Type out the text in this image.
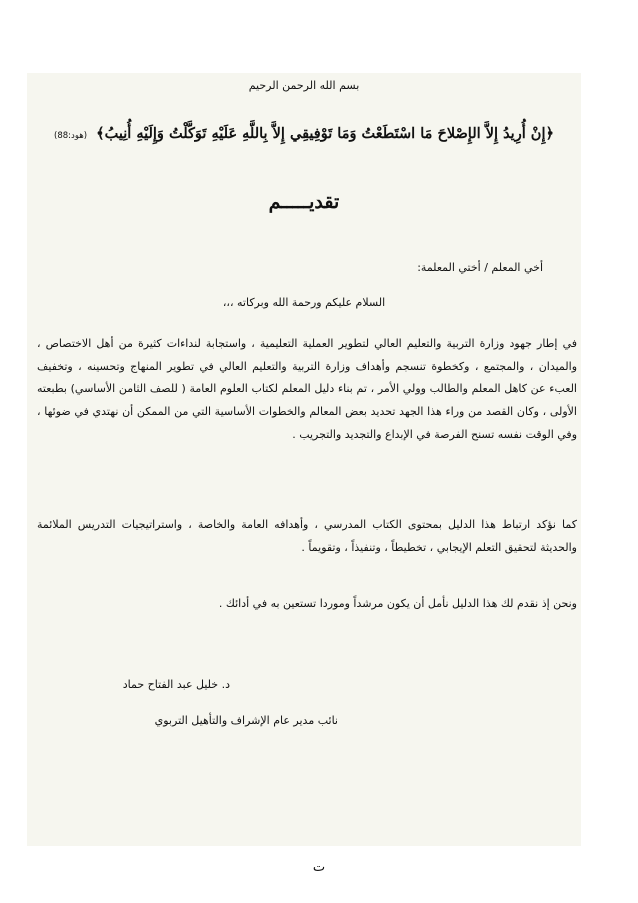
بسم الله الرحمن الرحيم
﴿إِنْ أُرِيدُ إِلاَّ الإِصْلاحَ مَا اسْتَطَعْتُ وَمَا تَوْفِيقِي إِلاَّ بِاللَّهِ عَلَيْهِ تَوَكَّلْتُ وَإِلَيْهِ أُنِيبُ﴾ (هود:88)
تقديـــــم
أخي المعلم / أختي المعلمة:
السلام عليكم ورحمة الله وبركاته ،،،
في إطار جهود وزارة التربية والتعليم العالي لتطوير العملية التعليمية ، واستجابة لنداءات كثيرة من أهل الاختصاص ، والميدان ، والمجتمع ، وكخطوة تنسجم وأهداف وزارة التربية والتعليم العالي في تطوير المنهاج وتحسينه ، وتخفيف العبء عن كاهل المعلم والطالب وولي الأمر ، تم بناء دليل المعلم لكتاب العلوم العامة ( للصف الثامن الأساسي) بطبعته الأولى ، وكان القصد من وراء هذا الجهد تحديد بعض المعالم والخطوات الأساسية التي من الممكن أن نهتدي في ضوئها ، وفي الوقت نفسه تسنح الفرصة في الإبداع والتجديد والتجريب .
كما نؤكد ارتباط هذا الدليل بمحتوى الكتاب المدرسي ، وأهدافه العامة والخاصة ، واستراتيجيات التدريس الملائمة والحديثة لتحقيق التعلم الإيجابي ، تخطيطاً ، وتنفيذاً ، وتقويماً .
ونحن إذ نقدم لك هذا الدليل نأمل أن يكون مرشداً وموردا تستعين به في أدائك .
د. خليل عبد الفتاح حماد
نائب مدير عام الإشراف والتأهيل التربوي
ت
